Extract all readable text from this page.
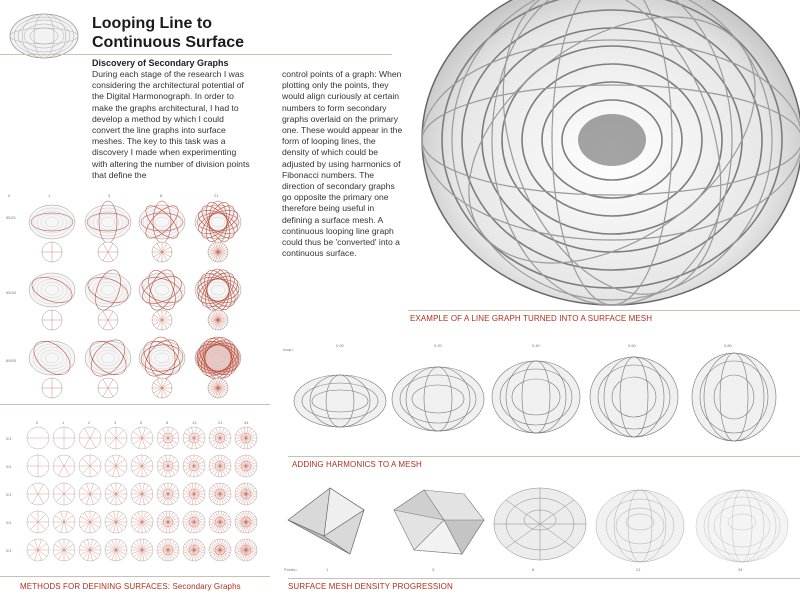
Looping Line to Continuous Surface
Discovery of Secondary Graphs
During each stage of the research I was considering the architectural potential of the Digital Harmonograph. In order to make the graphs architectural, I had to develop a method by which I could convert the line graphs into surface meshes. The key to this task was a discovery I made when experimenting with altering the number of division points that define the
control points of a graph: When plotting only the points, they would align curiously at certain numbers to form secondary graphs overlaid on the primary one. These would appear in the form of looping lines, the density of which could be adjusted by using harmonics of Fibonacci numbers. The direction of secondary graphs go opposite the primary one therefore being useful in defining a surface mesh. A continuous looping line graph could thus be 'converted' into a continuous surface.
EXAMPLE OF A LINE GRAPH TURNED INTO A SURFACE MESH
Amp=
0.00	0.20	0.40	0.60	0.80
ADDING HARMONICS TO A MESH
Points=	1	3	8	21	34
SURFACE MESH DENSITY PROGRESSION
0	1	3	8	21
55/21
55/34
89/55
0	1	2	3	5	8	13	21	34
0/1
0/1
0/1
0/1
0/1
METHODS FOR DEFINING SURFACES: Secondary Graphs
